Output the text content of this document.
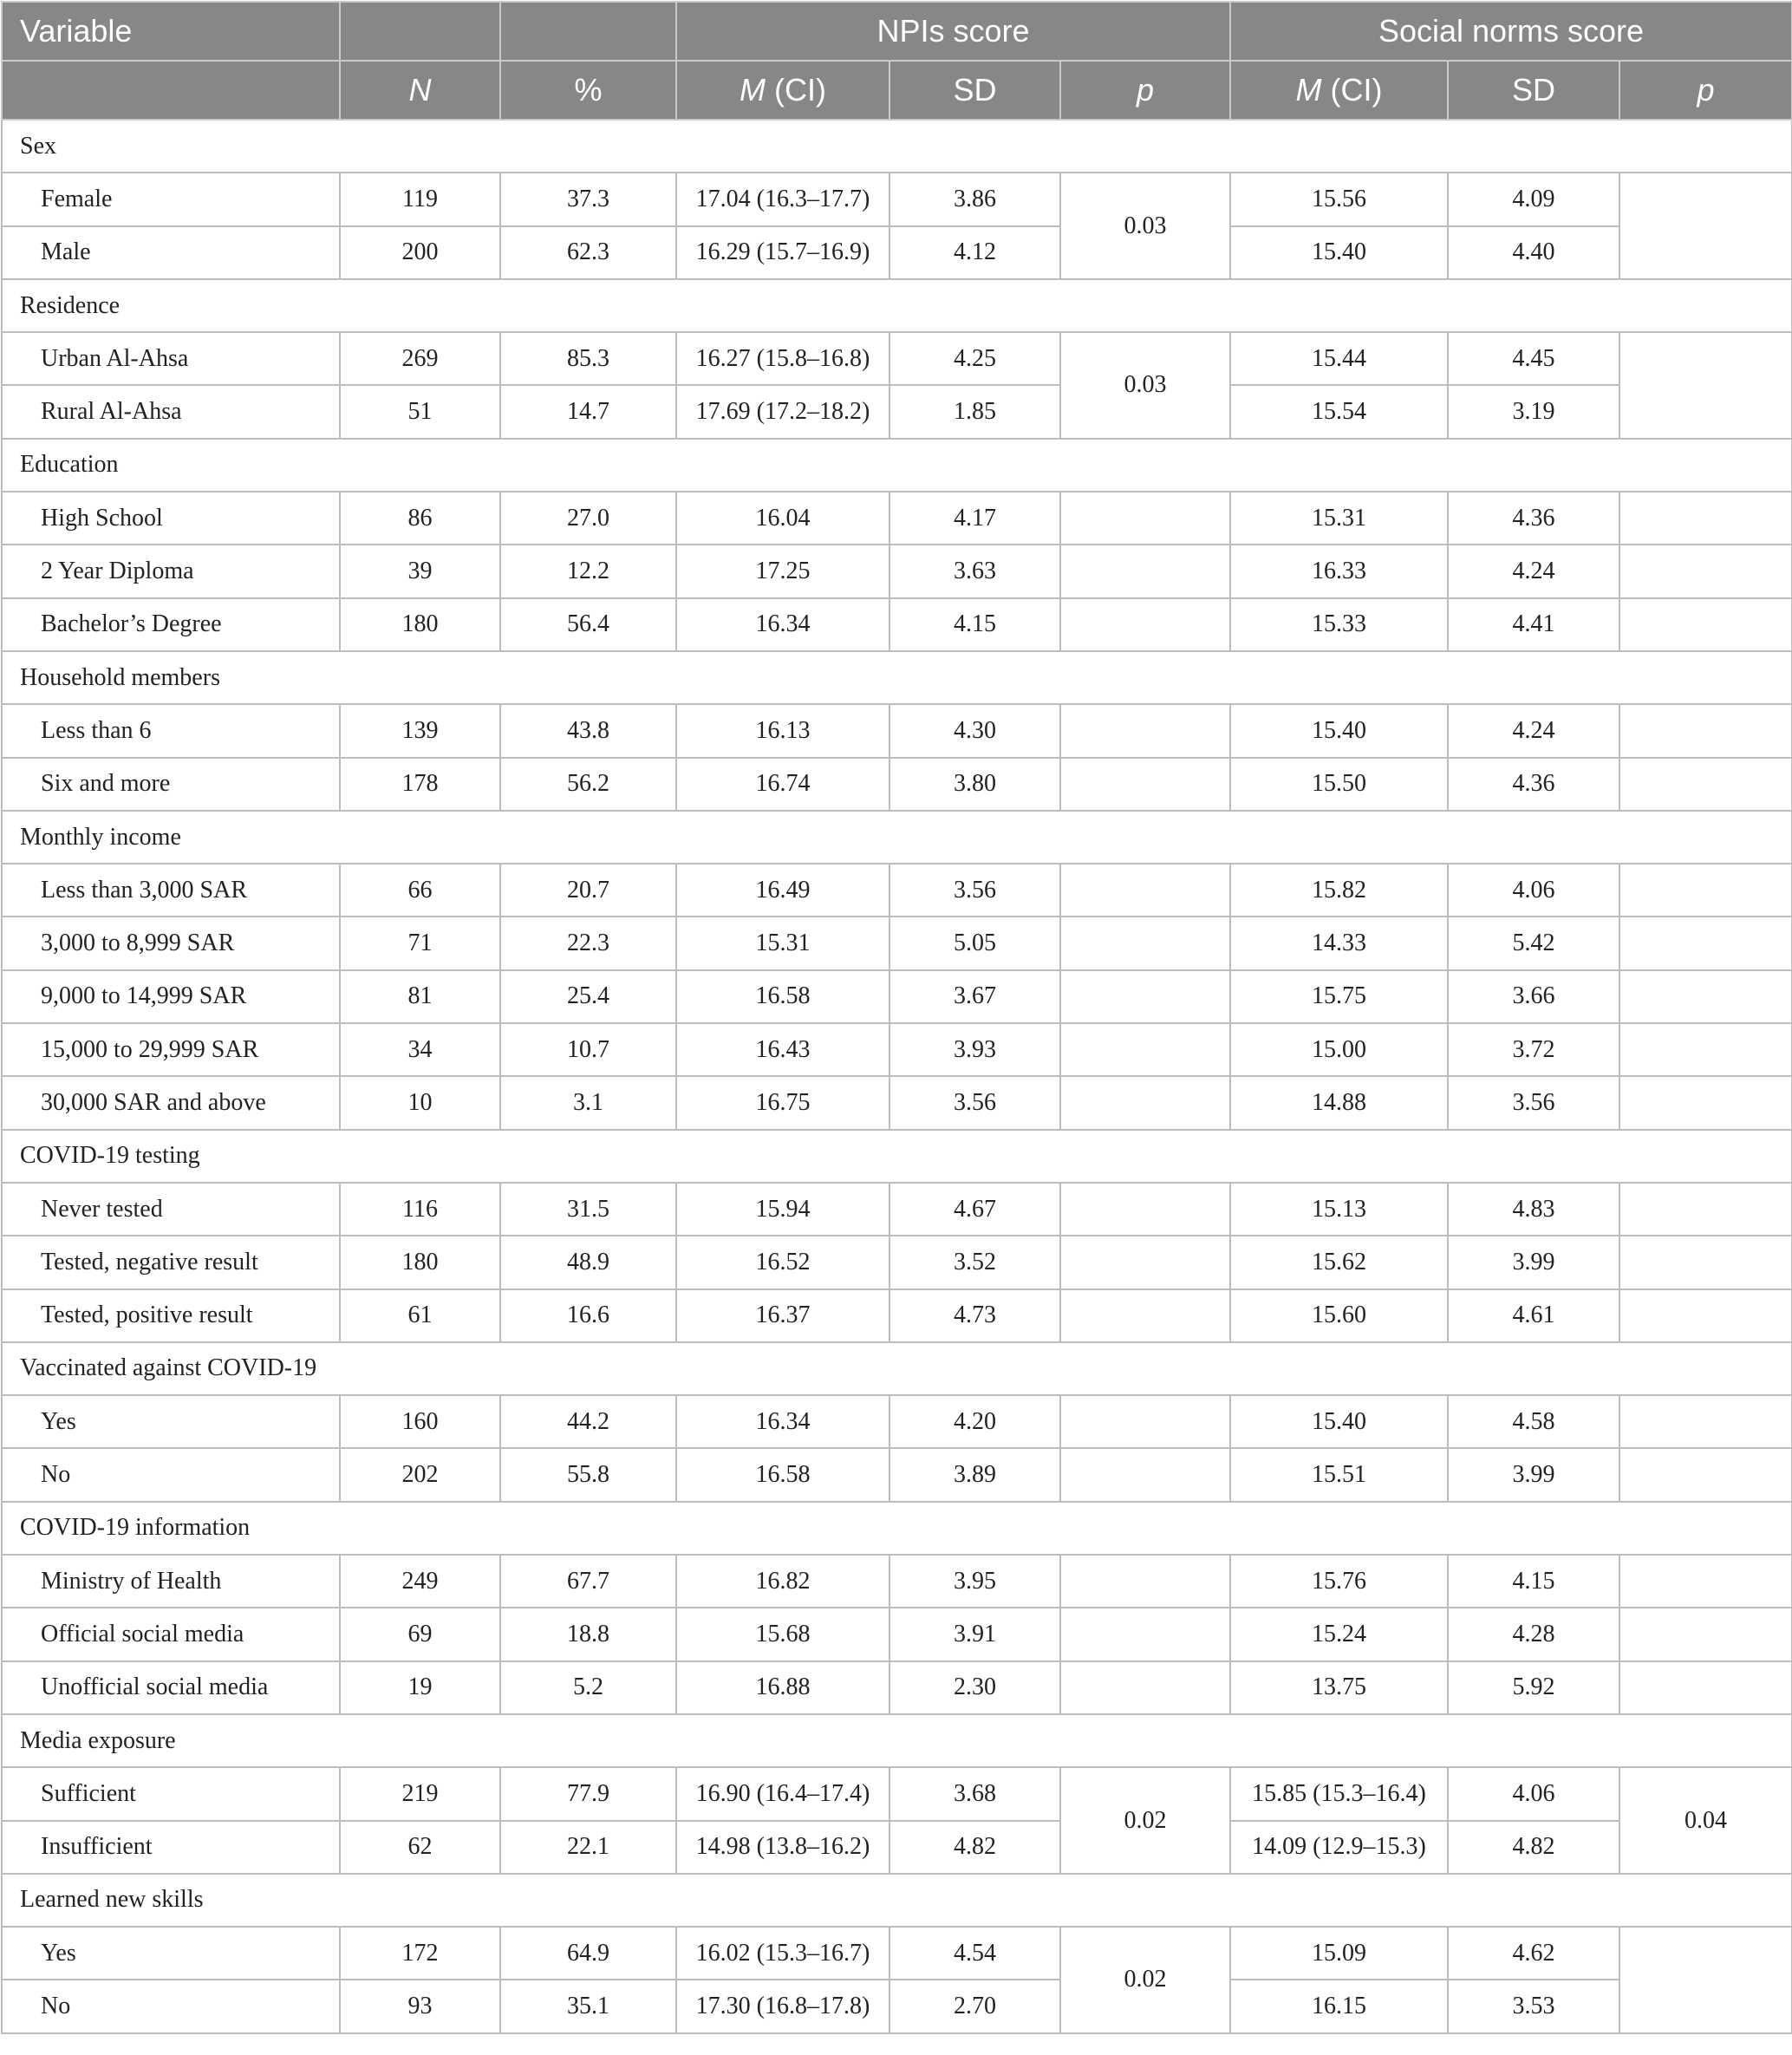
Variable			NPIs score			Social norms score		
	N	%	M (CI)	SD	p	M (CI)	SD	p
Sex								
Female	119	37.3	17.04 (16.3–17.7)	3.86	0.03	15.56	4.09	
Male	200	62.3	16.29 (15.7–16.9)	4.12		15.40	4.40	
Residence								
Urban Al-Ahsa	269	85.3	16.27 (15.8–16.8)	4.25	0.03	15.44	4.45	
Rural Al-Ahsa	51	14.7	17.69 (17.2–18.2)	1.85		15.54	3.19	
Education								
High School	86	27.0	16.04	4.17		15.31	4.36	
2 Year Diploma	39	12.2	17.25	3.63		16.33	4.24	
Bachelor’s Degree	180	56.4	16.34	4.15		15.33	4.41	
Household members								
Less than 6	139	43.8	16.13	4.30		15.40	4.24	
Six and more	178	56.2	16.74	3.80		15.50	4.36	
Monthly income								
Less than 3,000 SAR	66	20.7	16.49	3.56		15.82	4.06	
3,000 to 8,999 SAR	71	22.3	15.31	5.05		14.33	5.42	
9,000 to 14,999 SAR	81	25.4	16.58	3.67		15.75	3.66	
15,000 to 29,999 SAR	34	10.7	16.43	3.93		15.00	3.72	
30,000 SAR and above	10	3.1	16.75	3.56		14.88	3.56	
COVID-19 testing								
Never tested	116	31.5	15.94	4.67		15.13	4.83	
Tested, negative result	180	48.9	16.52	3.52		15.62	3.99	
Tested, positive result	61	16.6	16.37	4.73		15.60	4.61	
Vaccinated against COVID-19								
Yes	160	44.2	16.34	4.20		15.40	4.58	
No	202	55.8	16.58	3.89		15.51	3.99	
COVID-19 information								
Ministry of Health	249	67.7	16.82	3.95		15.76	4.15	
Official social media	69	18.8	15.68	3.91		15.24	4.28	
Unofficial social media	19	5.2	16.88	2.30		13.75	5.92	
Media exposure								
Sufficient	219	77.9	16.90 (16.4–17.4)	3.68	0.02	15.85 (15.3–16.4)	4.06	0.04
Insufficient	62	22.1	14.98 (13.8–16.2)	4.82		14.09 (12.9–15.3)	4.82	
Learned new skills								
Yes	172	64.9	16.02 (15.3–16.7)	4.54	0.02	15.09	4.62	
No	93	35.1	17.30 (16.8–17.8)	2.70		16.15	3.53	
